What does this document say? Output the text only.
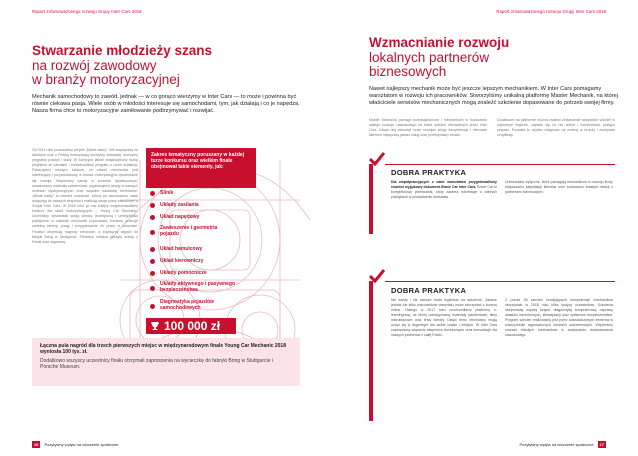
Raport zrównoważonego rozwoju Grupy Inter Cars 2018
Stwarzanie młodzieży szans
na rozwój zawodowy
w branży motoryzacyjnej
Mechanik samochodowy to zawód, jednak — w co gorąco wierzymy w Inter Cars — to może i powinna być równie ciekawa pasja. Wiele osób w młodości interesuje się samochodami, tym, jak działają i co je napędza. Nasza firma chce to motoryzacyjne zamiłowanie podtrzymywać i rozwijać.
Od 2011 roku prowadzimy projekt „Młode kadry”. We współpracy ze szkołami oraz z Polską motoryzacją tworzymy warsztaty, tworzymy programy praktyk i staży. W kolejnych latach zwiększyliśmy liczbę projektów ze szkołami i rozszerzyliśmy program o nowe działania. Pokazujemy młodym ludziom, że zawód mechanika jest interesujący i przyszłościowy, a branża motoryzacyjna dynamicznie się rozwija. Wspieramy szkoły w procesie dydaktycznym, dostarczamy materiały szkoleniowe, organizujemy wizyty w naszych centrach dystrybucyjnych oraz wspólne warsztaty techniczne. „Młode kadry” to również uczniowie, którzy po zakończeniu nauki dołączają do naszych zespołów i realizują swoje plany zawodowe w Grupie Inter Cars. W 2018 roku po raz kolejny zorganizowaliśmy konkurs dla szkół motoryzacyjnych – Young Car Mechanic. Uczestnicy sprawdzali swoją wiedzę teoretyczną i umiejętności praktyczne w zakresie mechaniki pojazdowej. Konkurs promuje rzetelną wiedzę, pasję i przygotowanie do pracy w zawodzie. Finaliści otrzymują nagrody rzeczowe, a zwycięzcy wyjazd do fabryki Bring w Stuttgarcie. Pierwsze miejsca zdobyły szkoły z Polski oraz zagranicy.
Zakres tematyczny poruszany w każdej turze konkursu oraz wielkim finale obejmował takie elementy, jak:
Silnik
Układy zasilania
Układ napędowy
Zawieszenie i geometria pojazdu
Układ hamulcowy
Układ kierowniczy
Układy pomocnicze
Układy aktywnego i pasywnego bezpieczeństwa
Diagnostyka pojazdów samochodowych
100 000 zł
Łączna pula nagród dla trzech pierwszych miejsc w międzynarodowym finale Young Car Mechanic 2018 wyniosła 100 tys. zł.
Dodatkowo wszyscy uczestnicy finału otrzymali zaproszenia na wycieczkę do fabryki Bring w Stuttgarcie i Porsche Museum.
16	Pozytywny wpływ na otoczenie społeczne
Raport zrównoważonego rozwoju Grupy Inter Cars 2018
Wzmacnianie rozwoju
lokalnych partnerów
biznesowych
Nawet najlepszy mechanik może być jeszcze lepszym mechanikiem. W Inter Cars pomagamy warsztatom w rozwoju ich pracowników. Stworzyliśmy unikalną platformę Master Mechanik, na której właściciele serwisów mechanicznych mogą znaleźć szkolenie dopasowane do potrzeb swojej firmy.
Master Mechanik pomaga przedsiębiorcom i mechanikom w budowaniu stałego rozwoju zawodowego na bazie szkoleń oferowanych przez Inter Cars. Dzięki niej warsztat może rozwijać swoje kompetencje i oferować klientom najwyższą jakość usług oraz profesjonalny serwis.
Dodatkowo na platformie można znaleźć zestawienie wszystkich szkoleń w wybranym regionie, zapisać się na nie online i monitorować postępy zespołu. Pozwala to szybko reagować na zmiany w branży i zdobywać certyfikaty.
DOBRA PRAKTYKA
Dla współpracujących z nami warsztatów przygotowaliśmy również wyjątkowy dokument Brave Car Inter Cars. Brave Car to kompleksowy przewodnik, który zawiera informacje o dobrych praktykach w prowadzeniu warsztatu.
Uniwersalne wytyczne, które pomagają mechanikom w rozwoju firmy, zwiększaniu satysfakcji klientów oraz budowaniu trwałych relacji z partnerami biznesowymi.
DOBRA PRAKTYKA
Nie każdy i nie zawsze może wyjechać na szkolenie. Zawsze jednak lub kilku pracowników warsztatu może skorzystać z kursów online. Dlatego w 2017 roku uruchomiliśmy platformę e-learningową, na której udostępniamy materiały szkoleniowe, filmy instruktażowe oraz testy wiedzy. Dzięki temu mechanicy mogą uczyć się w dogodnym dla siebie czasie i miejscu. W Inter Cars zapewniamy wsparcie ekspertów technicznych oraz konsultacje dla naszych partnerów z całej Polski.
Z ponad 36 szkoleń rozwijających kompetencje mechaników skorzystało w 2018 roku kilka tysięcy uczestników. Szkolenia obejmowały między innymi: diagnostykę komputerową, naprawę układów hamulcowych, klimatyzacji oraz systemów bezpieczeństwa. Program szkoleń realizowany jest przez doświadczonych trenerów w nowocześnie wyposażonych centrach szkoleniowych. Wspieramy również młodych mechaników w zdobywaniu doświadczenia zawodowego.
Pozytywny wpływ na otoczenie społeczne	17
